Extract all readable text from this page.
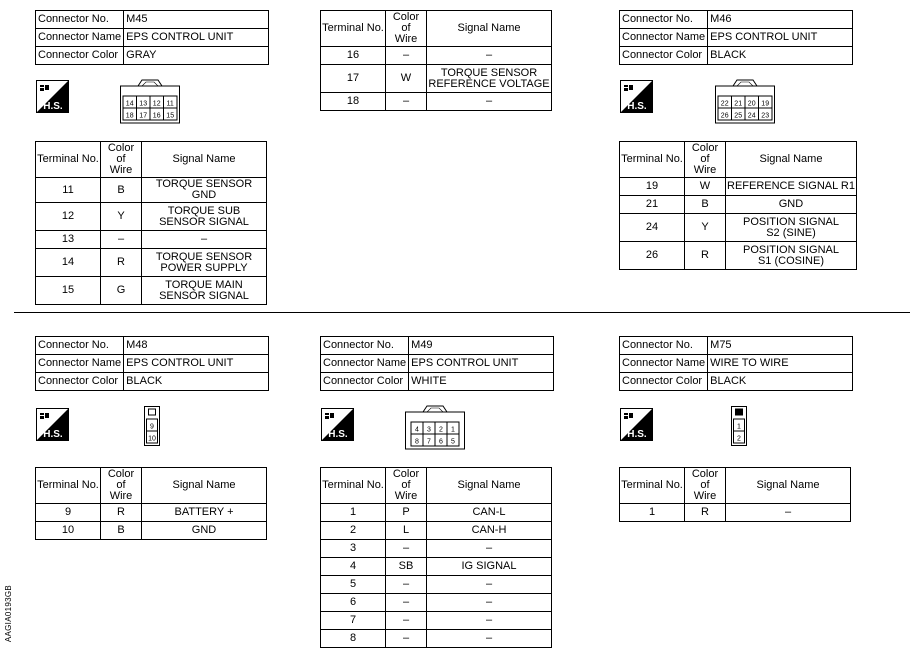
Connector No.	M45
Connector Name	EPS CONTROL UNIT
Connector Color	GRAY
H.S.	14 13 12 11
18 17 16 15
Terminal No.	Color of
Wire	Signal Name
11	B	TORQUE SENSOR GND
12	Y	TORQUE SUB
SENSOR SIGNAL
13	–	–
14	R	TORQUE SENSOR
POWER SUPPLY
15	G	TORQUE MAIN
SENSOR SIGNAL
Terminal No.	Color of
Wire	Signal Name
16	–	–
17	W	TORQUE SENSOR
REFERENCE VOLTAGE
18	–	–
Connector No.	M46
Connector Name	EPS CONTROL UNIT
Connector Color	BLACK
H.S.	22 21 20 19
26 25 24 23
Terminal No.	Color of
Wire	Signal Name
19	W	REFERENCE SIGNAL R1
21	B	GND
24	Y	POSITION SIGNAL
S2 (SINE)
26	R	POSITION SIGNAL
S1 (COSINE)
Connector No.	M48
Connector Name	EPS CONTROL UNIT
Connector Color	BLACK
H.S.
9
10
Terminal No.	Color of
Wire	Signal Name
9	R	BATTERY +
10	B	GND
Connector No.	M49
Connector Name	EPS CONTROL UNIT
Connector Color	WHITE
H.S.	4 3 2 1
8 7 6 5
Terminal No.	Color of
Wire	Signal Name
1	P	CAN-L
2	L	CAN-H
3	–	–
4	SB	IG SIGNAL
5	–	–
6	–	–
7	–	–
8	–	–
Connector No.	M75
Connector Name	WIRE TO WIRE
Connector Color	BLACK
H.S.
1
2
Terminal No.	Color of
Wire	Signal Name
1	R	–
AAGIA0193GB
